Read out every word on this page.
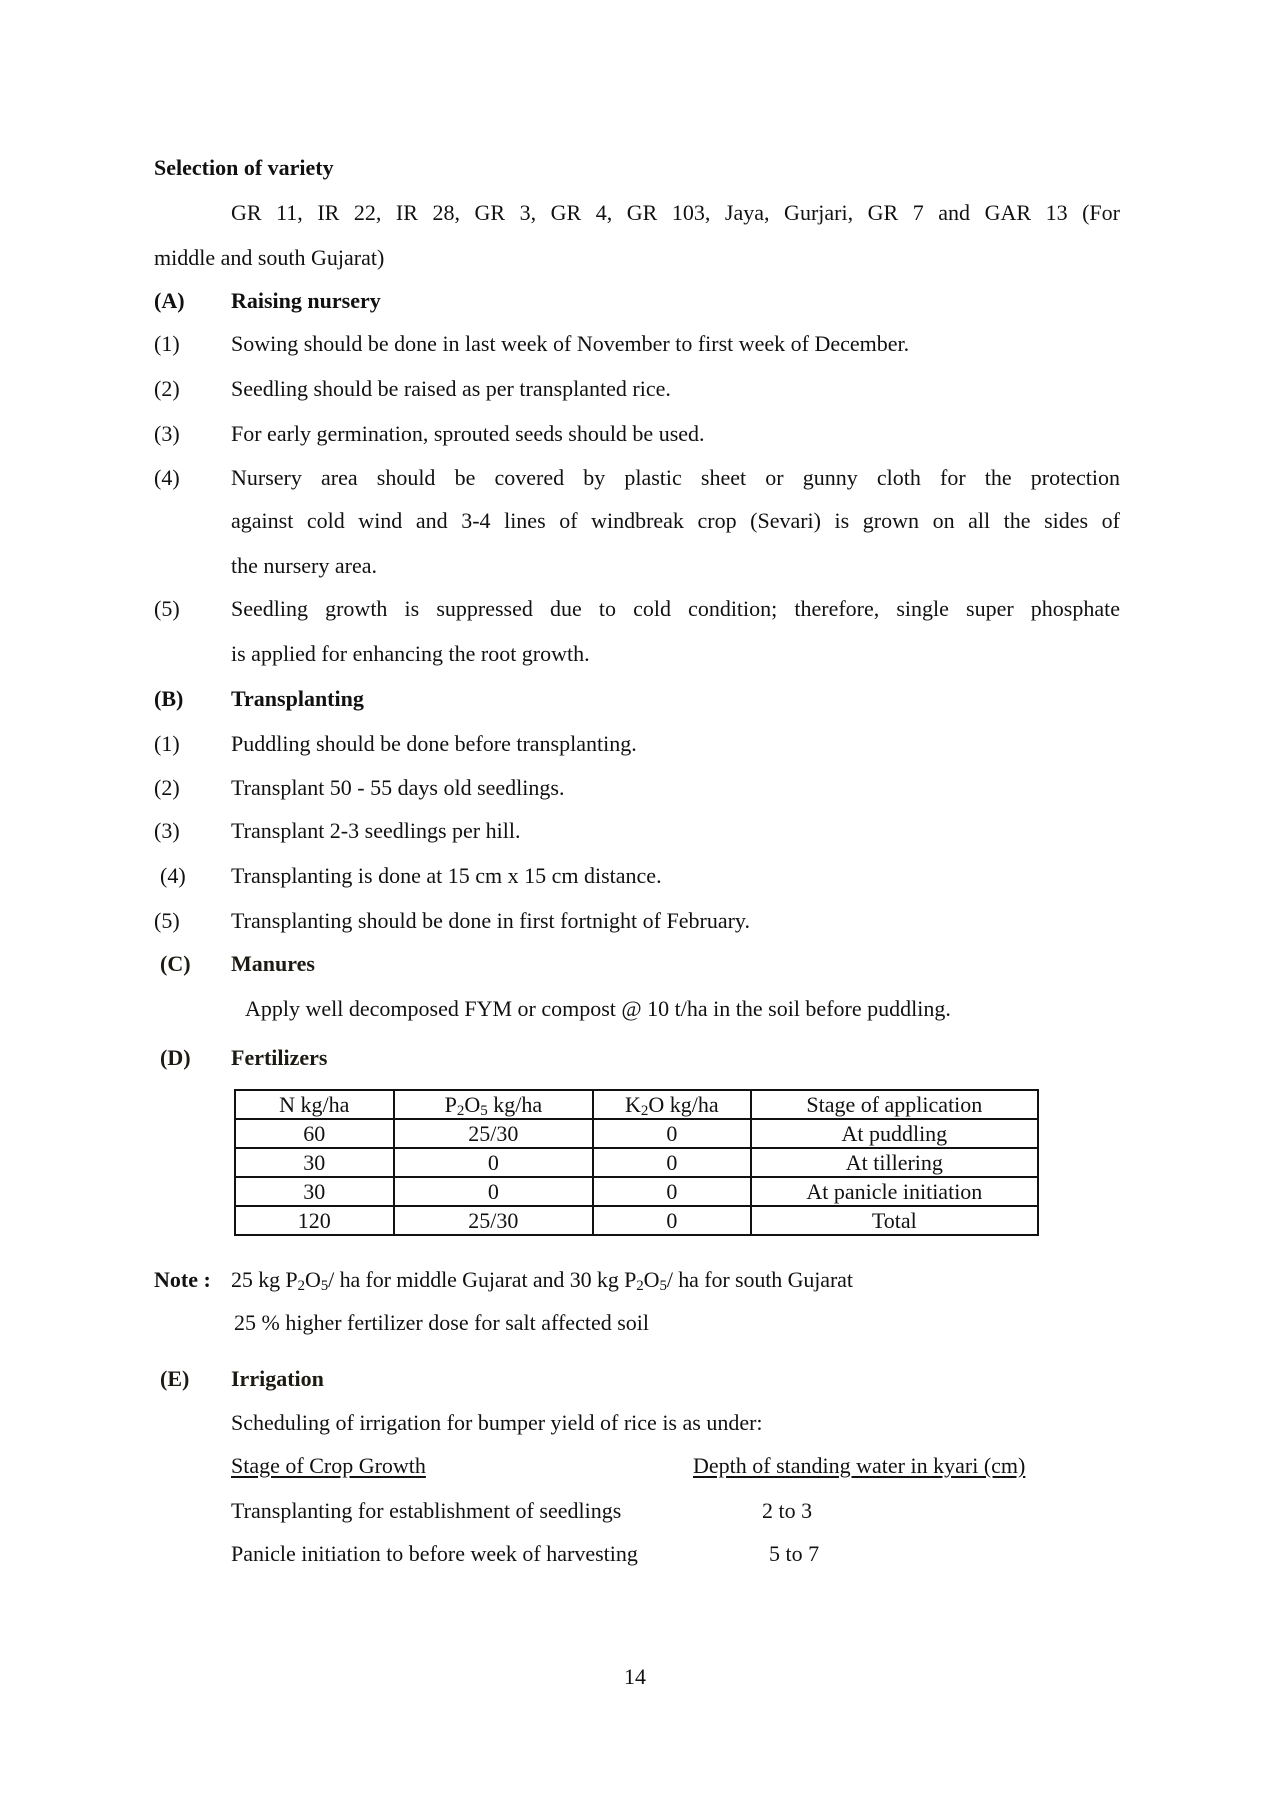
Selection of variety
GR 11, IR 22, IR 28, GR 3, GR 4, GR 103, Jaya, Gurjari, GR 7 and GAR 13 (For
middle and south Gujarat)
(A) Raising nursery
(1) Sowing should be done in last week of November to first week of December.
(2) Seedling should be raised as per transplanted rice.
(3) For early germination, sprouted seeds should be used.
(4) Nursery area should be covered by plastic sheet or gunny cloth for the protection
against cold wind and 3-4 lines of windbreak crop (Sevari) is grown on all the sides of
the nursery area.
(5) Seedling growth is suppressed due to cold condition; therefore, single super phosphate
is applied for enhancing the root growth.
(B) Transplanting
(1) Puddling should be done before transplanting.
(2) Transplant 50 - 55 days old seedlings.
(3) Transplant 2-3 seedlings per hill.
(4) Transplanting is done at 15 cm x 15 cm distance.
(5) Transplanting should be done in first fortnight of February.
(C) Manures
Apply well decomposed FYM or compost @ 10 t/ha in the soil before puddling.
(D) Fertilizers
N kg/ha	$P_2O_5$ kg/ha	$K_2O$ kg/ha	Stage of application
60	25/30	0	At puddling
30	0	0	At tillering
30	0	0	At panicle initiation
120	25/30	0	Total
Note : 25 kg $P_2O_5/$ ha for middle Gujarat and 30 kg $P_2O_5/$ ha for south Gujarat
25 % higher fertilizer dose for salt affected soil
(E) Irrigation
Scheduling of irrigation for bumper yield of rice is as under:
Stage of Crop Growth	Depth of standing water in kyari (cm)
Transplanting for establishment of seedlings	2 to 3
Panicle initiation to before week of harvesting	5 to 7
14
